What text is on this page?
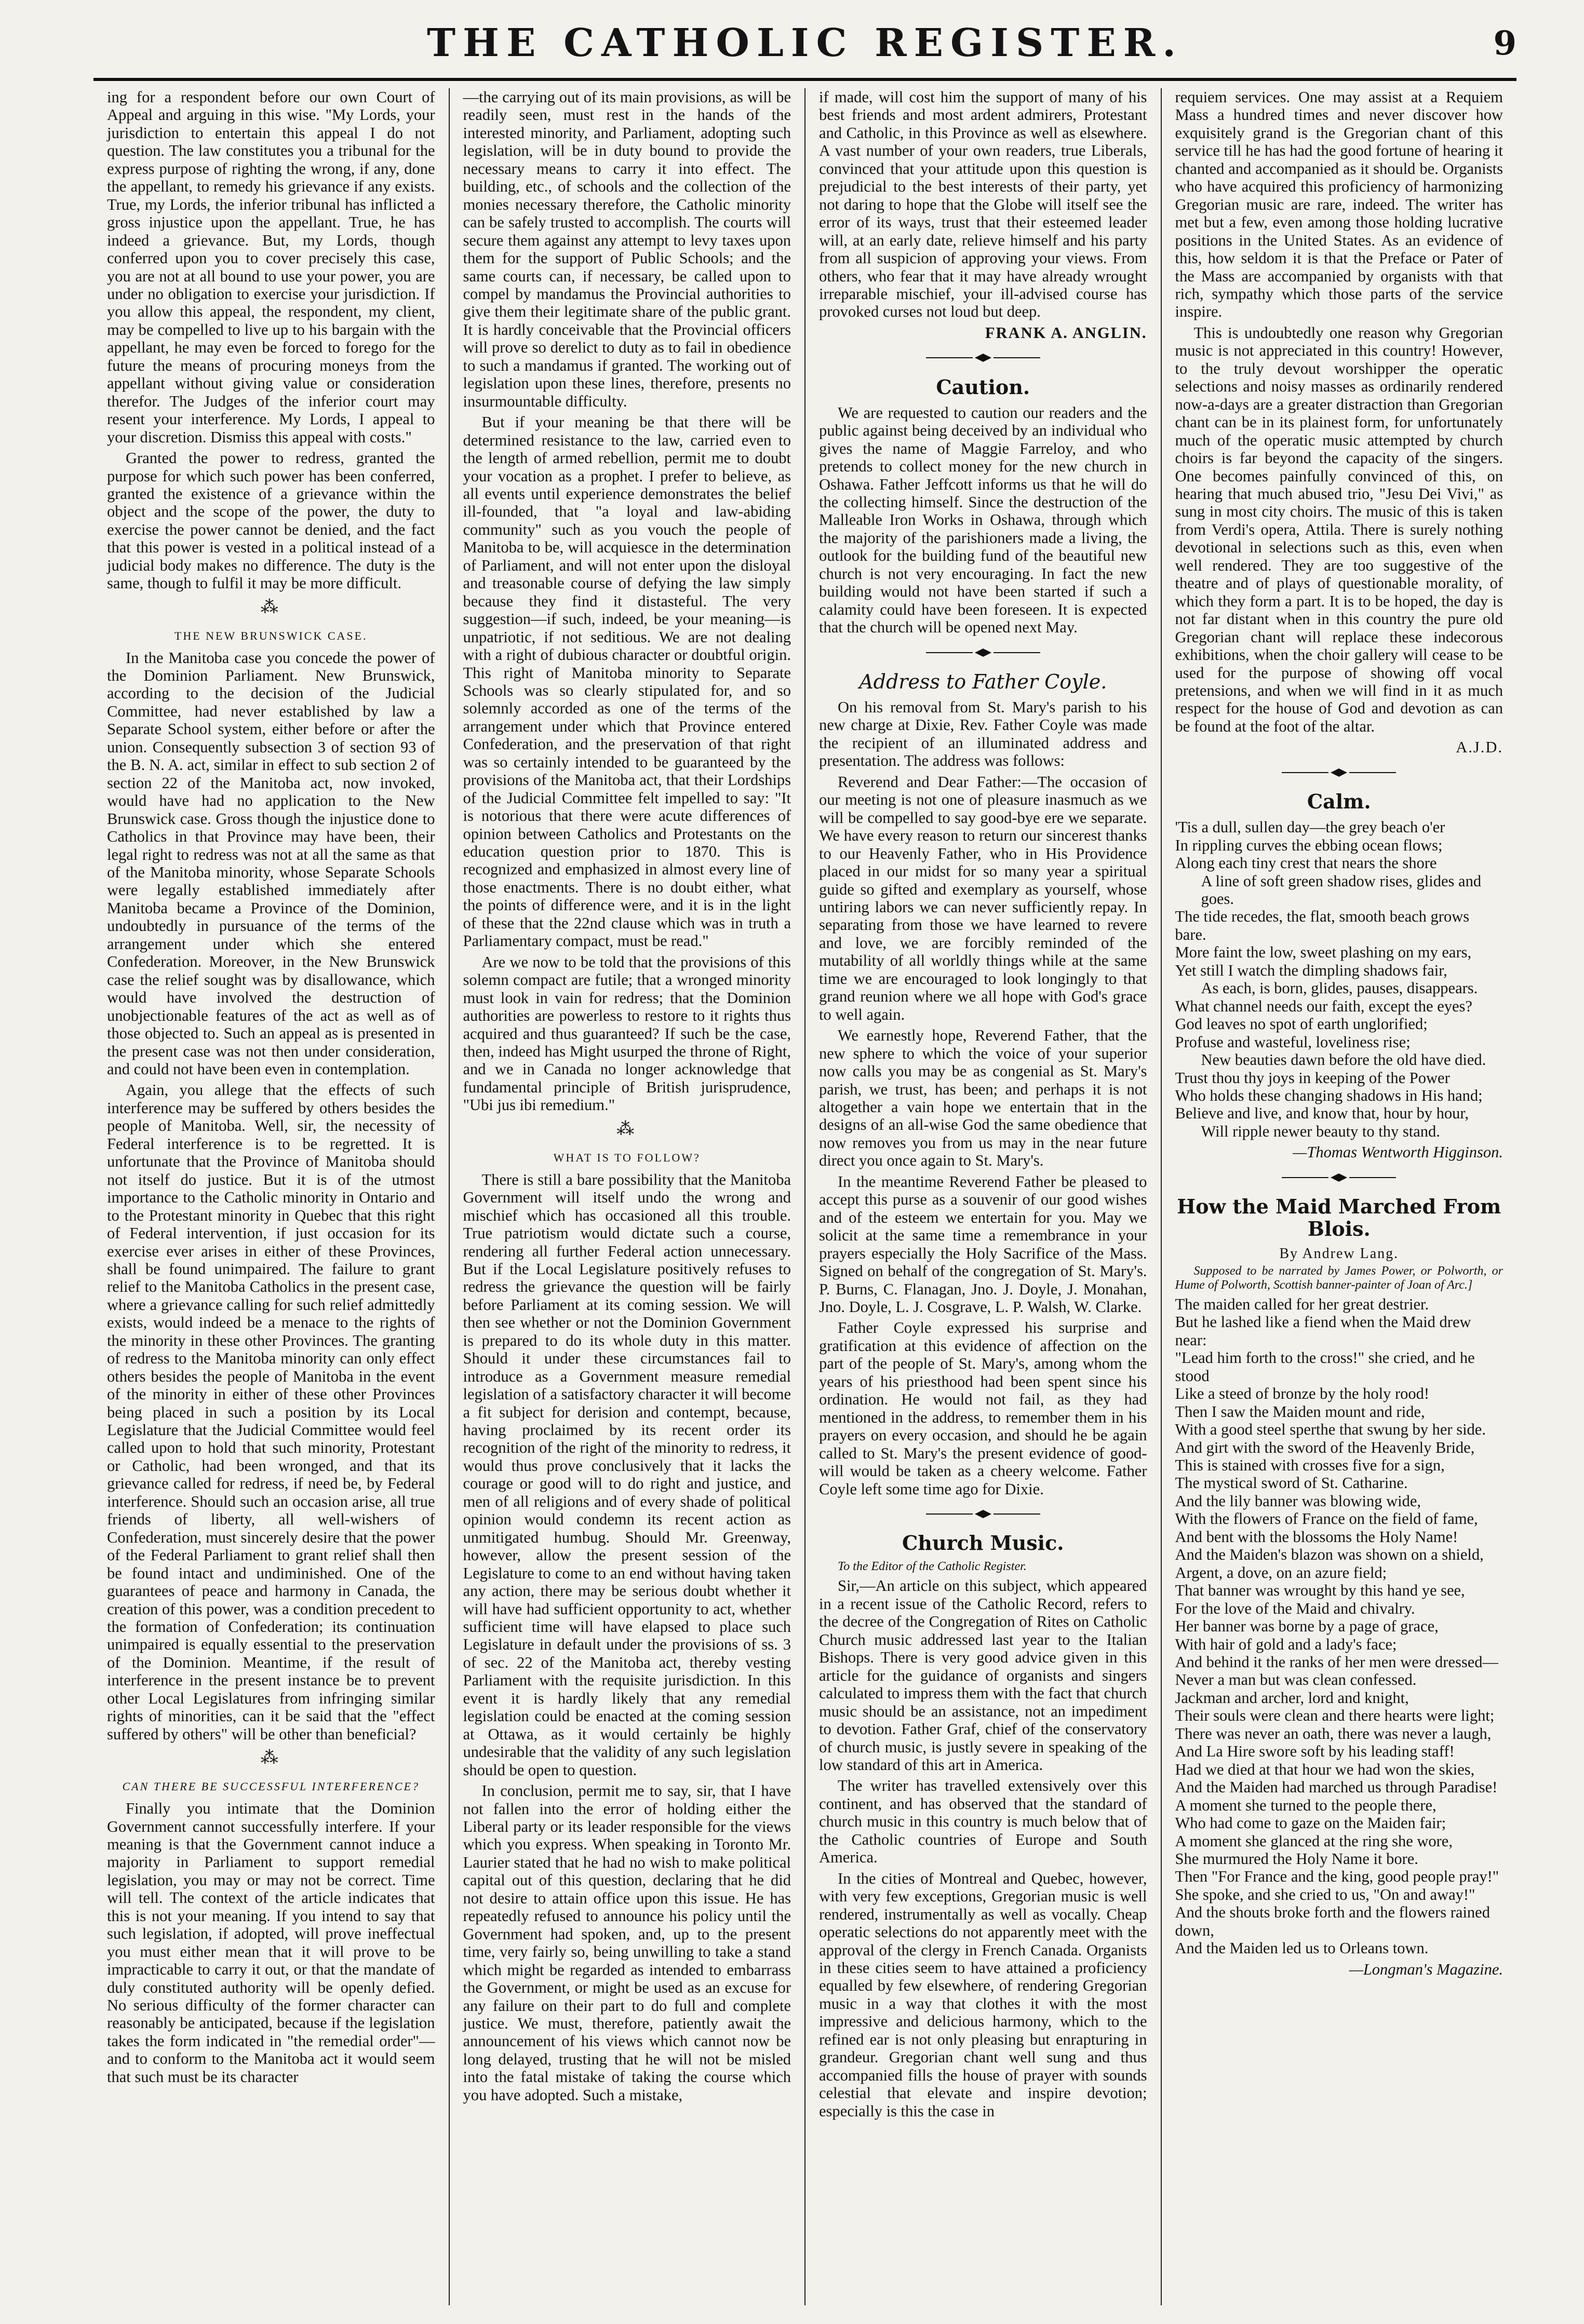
THE CATHOLIC REGISTER.	9

ing for a respondent before our own Court of Appeal and arguing in this wise. "My Lords, your jurisdiction to entertain this appeal I do not question. The law constitutes you a tribunal for the express purpose of righting the wrong, if any, done the appellant, to remedy his grievance if any exists. True, my Lords, the inferior tribunal has inflicted a gross injustice upon the appellant. True, he has indeed a grievance. But, my Lords, though conferred upon you to cover precisely this case, you are not at all bound to use your power, you are under no obligation to exercise your jurisdiction. If you allow this appeal, the respondent, my client, may be compelled to live up to his bargain with the appellant, he may even be forced to forego for the future the means of procuring moneys from the appellant without giving value or consideration therefor. The Judges of the inferior court may resent your interference. My Lords, I appeal to your discretion. Dismiss this appeal with costs."

Granted the power to redress, granted the purpose for which such power has been conferred, granted the existence of a grievance within the object and the scope of the power, the duty to exercise the power cannot be denied, and the fact that this power is vested in a political instead of a judicial body makes no difference. The duty is the same, though to fulfil it may be more difficult.

⁂
THE NEW BRUNSWICK CASE.

In the Manitoba case you concede the power of the Dominion Parliament. New Brunswick, according to the decision of the Judicial Committee, had never established by law a Separate School system, either before or after the union. Consequently subsection 3 of section 93 of the B. N. A. act, similar in effect to sub section 2 of section 22 of the Manitoba act, now invoked, would have had no application to the New Brunswick case. Gross though the injustice done to Catholics in that Province may have been, their legal right to redress was not at all the same as that of the Manitoba minority, whose Separate Schools were legally established immediately after Manitoba became a Province of the Dominion, undoubtedly in pursuance of the terms of the arrangement under which she entered Confederation. Moreover, in the New Brunswick case the relief sought was by disallowance, which would have involved the destruction of unobjectionable features of the act as well as of those objected to. Such an appeal as is presented in the present case was not then under consideration, and could not have been even in contemplation.

Again, you allege that the effects of such interference may be suffered by others besides the people of Manitoba. Well, sir, the necessity of Federal interference is to be regretted. It is unfortunate that the Province of Manitoba should not itself do justice. But it is of the utmost importance to the Catholic minority in Ontario and to the Protestant minority in Quebec that this right of Federal intervention, if just occasion for its exercise ever arises in either of these Provinces, shall be found unimpaired. The failure to grant relief to the Manitoba Catholics in the present case, where a grievance calling for such relief admittedly exists, would indeed be a menace to the rights of the minority in these other Provinces. The granting of redress to the Manitoba minority can only effect others besides the people of Manitoba in the event of the minority in either of these other Provinces being placed in such a position by its Local Legislature that the Judicial Committee would feel called upon to hold that such minority, Protestant or Catholic, had been wronged, and that its grievance called for redress, if need be, by Federal interference. Should such an occasion arise, all true friends of liberty, all well-wishers of Confederation, must sincerely desire that the power of the Federal Parliament to grant relief shall then be found intact and undiminished. One of the guarantees of peace and harmony in Canada, the creation of this power, was a condition precedent to the formation of Confederation; its continuation unimpaired is equally essential to the preservation of the Dominion. Meantime, if the result of interference in the present instance be to prevent other Local Legislatures from infringing similar rights of minorities, can it be said that the "effect suffered by others" will be other than beneficial?

⁂
CAN THERE BE SUCCESSFUL INTERFERENCE?

Finally you intimate that the Dominion Government cannot successfully interfere. If your meaning is that the Government cannot induce a majority in Parliament to support remedial legislation, you may or may not be correct. Time will tell. The context of the article indicates that this is not your meaning. If you intend to say that such legislation, if adopted, will prove ineffectual you must either mean that it will prove to be impracticable to carry it out, or that the mandate of duly constituted authority will be openly defied. No serious difficulty of the former character can reasonably be anticipated, because if the legislation takes the form indicated in "the remedial order"—and to conform to the Manitoba act it would seem that such must be its character

—the carrying out of its main provisions, as will be readily seen, must rest in the hands of the interested minority, and Parliament, adopting such legislation, will be in duty bound to provide the necessary means to carry it into effect. The building, etc., of schools and the collection of the monies necessary therefore, the Catholic minority can be safely trusted to accomplish. The courts will secure them against any attempt to levy taxes upon them for the support of Public Schools; and the same courts can, if necessary, be called upon to compel by mandamus the Provincial authorities to give them their legitimate share of the public grant. It is hardly conceivable that the Provincial officers will prove so derelict to duty as to fail in obedience to such a mandamus if granted. The working out of legislation upon these lines, therefore, presents no insurmountable difficulty.

But if your meaning be that there will be determined resistance to the law, carried even to the length of armed rebellion, permit me to doubt your vocation as a prophet. I prefer to believe, as all events until experience demonstrates the belief ill-founded, that "a loyal and law-abiding community" such as you vouch the people of Manitoba to be, will acquiesce in the determination of Parliament, and will not enter upon the disloyal and treasonable course of defying the law simply because they find it distasteful. The very suggestion—if such, indeed, be your meaning—is unpatriotic, if not seditious. We are not dealing with a right of dubious character or doubtful origin. This right of Manitoba minority to Separate Schools was so clearly stipulated for, and so solemnly accorded as one of the terms of the arrangement under which that Province entered Confederation, and the preservation of that right was so certainly intended to be guaranteed by the provisions of the Manitoba act, that their Lordships of the Judicial Committee felt impelled to say: "It is notorious that there were acute differences of opinion between Catholics and Protestants on the education question prior to 1870. This is recognized and emphasized in almost every line of those enactments. There is no doubt either, what the points of difference were, and it is in the light of these that the 22nd clause which was in truth a Parliamentary compact, must be read."

Are we now to be told that the provisions of this solemn compact are futile; that a wronged minority must look in vain for redress; that the Dominion authorities are powerless to restore to it rights thus acquired and thus guaranteed? If such be the case, then, indeed has Might usurped the throne of Right, and we in Canada no longer acknowledge that fundamental principle of British jurisprudence, "Ubi jus ibi remedium."

⁂
WHAT IS TO FOLLOW?

There is still a bare possibility that the Manitoba Government will itself undo the wrong and mischief which has occasioned all this trouble. True patriotism would dictate such a course, rendering all further Federal action unnecessary. But if the Local Legislature positively refuses to redress the grievance the question will be fairly before Parliament at its coming session. We will then see whether or not the Dominion Government is prepared to do its whole duty in this matter. Should it under these circumstances fail to introduce as a Government measure remedial legislation of a satisfactory character it will become a fit subject for derision and contempt, because, having proclaimed by its recent order its recognition of the right of the minority to redress, it would thus prove conclusively that it lacks the courage or good will to do right and justice, and men of all religions and of every shade of political opinion would condemn its recent action as unmitigated humbug. Should Mr. Greenway, however, allow the present session of the Legislature to come to an end without having taken any action, there may be serious doubt whether it will have had sufficient opportunity to act, whether sufficient time will have elapsed to place such Legislature in default under the provisions of ss. 3 of sec. 22 of the Manitoba act, thereby vesting Parliament with the requisite jurisdiction. In this event it is hardly likely that any remedial legislation could be enacted at the coming session at Ottawa, as it would certainly be highly undesirable that the validity of any such legislation should be open to question.

In conclusion, permit me to say, sir, that I have not fallen into the error of holding either the Liberal party or its leader responsible for the views which you express. When speaking in Toronto Mr. Laurier stated that he had no wish to make political capital out of this question, declaring that he did not desire to attain office upon this issue. He has repeatedly refused to announce his policy until the Government had spoken, and, up to the present time, very fairly so, being unwilling to take a stand which might be regarded as intended to embarrass the Government, or might be used as an excuse for any failure on their part to do full and complete justice. We must, therefore, patiently await the announcement of his views which cannot now be long delayed, trusting that he will not be misled into the fatal mistake of taking the course which you have adopted. Such a mistake,

if made, will cost him the support of many of his best friends and most ardent admirers, Protestant and Catholic, in this Province as well as elsewhere. A vast number of your own readers, true Liberals, convinced that your attitude upon this question is prejudicial to the best interests of their party, yet not daring to hope that the Globe will itself see the error of its ways, trust that their esteemed leader will, at an early date, relieve himself and his party from all suspicion of approving your views. From others, who fear that it may have already wrought irreparable mischief, your ill-advised course has provoked curses not loud but deep.

FRANK A. ANGLIN.

Caution.

We are requested to caution our readers and the public against being deceived by an individual who gives the name of Maggie Farreloy, and who pretends to collect money for the new church in Oshawa. Father Jeffcott informs us that he will do the collecting himself. Since the destruction of the Malleable Iron Works in Oshawa, through which the majority of the parishioners made a living, the outlook for the building fund of the beautiful new church is not very encouraging. In fact the new building would not have been started if such a calamity could have been foreseen. It is expected that the church will be opened next May.

Address to Father Coyle.

On his removal from St. Mary's parish to his new charge at Dixie, Rev. Father Coyle was made the recipient of an illuminated address and presentation. The address was follows:

Reverend and Dear Father:—The occasion of our meeting is not one of pleasure inasmuch as we will be compelled to say good-bye ere we separate. We have every reason to return our sincerest thanks to our Heavenly Father, who in His Providence placed in our midst for so many year a spiritual guide so gifted and exemplary as yourself, whose untiring labors we can never sufficiently repay. In separating from those we have learned to revere and love, we are forcibly reminded of the mutability of all worldly things while at the same time we are encouraged to look longingly to that grand reunion where we all hope with God's grace to well again.

We earnestly hope, Reverend Father, that the new sphere to which the voice of your superior now calls you may be as congenial as St. Mary's parish, we trust, has been; and perhaps it is not altogether a vain hope we entertain that in the designs of an all-wise God the same obedience that now removes you from us may in the near future direct you once again to St. Mary's.

In the meantime Reverend Father be pleased to accept this purse as a souvenir of our good wishes and of the esteem we entertain for you. May we solicit at the same time a remembrance in your prayers especially the Holy Sacrifice of the Mass. Signed on behalf of the congregation of St. Mary's. P. Burns, C. Flanagan, Jno. J. Doyle, J. Monahan, Jno. Doyle, L. J. Cosgrave, L. P. Walsh, W. Clarke.

Father Coyle expressed his surprise and gratification at this evidence of affection on the part of the people of St. Mary's, among whom the years of his priesthood had been spent since his ordination. He would not fail, as they had mentioned in the address, to remember them in his prayers on every occasion, and should he be again called to St. Mary's the present evidence of good-will would be taken as a cheery welcome. Father Coyle left some time ago for Dixie.

Church Music.

To the Editor of the Catholic Register.

Sir,—An article on this subject, which appeared in a recent issue of the Catholic Record, refers to the decree of the Congregation of Rites on Catholic Church music addressed last year to the Italian Bishops. There is very good advice given in this article for the guidance of organists and singers calculated to impress them with the fact that church music should be an assistance, not an impediment to devotion. Father Graf, chief of the conservatory of church music, is justly severe in speaking of the low standard of this art in America.

The writer has travelled extensively over this continent, and has observed that the standard of church music in this country is much below that of the Catholic countries of Europe and South America.

In the cities of Montreal and Quebec, however, with very few exceptions, Gregorian music is well rendered, instrumentally as well as vocally. Cheap operatic selections do not apparently meet with the approval of the clergy in French Canada. Organists in these cities seem to have attained a proficiency equalled by few elsewhere, of rendering Gregorian music in a way that clothes it with the most impressive and delicious harmony, which to the refined ear is not only pleasing but enrapturing in grandeur. Gregorian chant well sung and thus accompanied fills the house of prayer with sounds celestial that elevate and inspire devotion; especially is this the case in

requiem services. One may assist at a Requiem Mass a hundred times and never discover how exquisitely grand is the Gregorian chant of this service till he has had the good fortune of hearing it chanted and accompanied as it should be. Organists who have acquired this proficiency of harmonizing Gregorian music are rare, indeed. The writer has met but a few, even among those holding lucrative positions in the United States. As an evidence of this, how seldom it is that the Preface or Pater of the Mass are accompanied by organists with that rich, sympathy which those parts of the service inspire.

This is undoubtedly one reason why Gregorian music is not appreciated in this country! However, to the truly devout worshipper the operatic selections and noisy masses as ordinarily rendered now-a-days are a greater distraction than Gregorian chant can be in its plainest form, for unfortunately much of the operatic music attempted by church choirs is far beyond the capacity of the singers. One becomes painfully convinced of this, on hearing that much abused trio, "Jesu Dei Vivi," as sung in most city choirs. The music of this is taken from Verdi's opera, Attila. There is surely nothing devotional in selections such as this, even when well rendered. They are too suggestive of the theatre and of plays of questionable morality, of which they form a part. It is to be hoped, the day is not far distant when in this country the pure old Gregorian chant will replace these indecorous exhibitions, when the choir gallery will cease to be used for the purpose of showing off vocal pretensions, and when we will find in it as much respect for the house of God and devotion as can be found at the foot of the altar.

A.J.D.

Calm.
'Tis a dull, sullen day—the grey beach o'er
In rippling curves the ebbing ocean flows;
Along each tiny crest that nears the shore
A line of soft green shadow rises, glides and goes.
The tide recedes, the flat, smooth beach grows bare.
More faint the low, sweet plashing on my ears,
Yet still I watch the dimpling shadows fair,
As each, is born, glides, pauses, disappears.
What channel needs our faith, except the eyes?
God leaves no spot of earth unglorified;
Profuse and wasteful, loveliness rise;
New beauties dawn before the old have died.
Trust thou thy joys in keeping of the Power
Who holds these changing shadows in His hand;
Believe and live, and know that, hour by hour,
Will ripple newer beauty to thy stand.
—Thomas Wentworth Higginson.
How the Maid Marched From Blois.
By Andrew Lang.

Supposed to be narrated by James Power, or Polworth, or Hume of Polworth, Scottish banner-painter of Joan of Arc.]

The maiden called for her great destrier.
But he lashed like a fiend when the Maid drew near:
"Lead him forth to the cross!" she cried, and he stood
Like a steed of bronze by the holy rood!
Then I saw the Maiden mount and ride,
With a good steel sperthe that swung by her side.
And girt with the sword of the Heavenly Bride,
This is stained with crosses five for a sign,
The mystical sword of St. Catharine.
And the lily banner was blowing wide,
With the flowers of France on the field of fame,
And bent with the blossoms the Holy Name!
And the Maiden's blazon was shown on a shield,
Argent, a dove, on an azure field;
That banner was wrought by this hand ye see,
For the love of the Maid and chivalry.
Her banner was borne by a page of grace,
With hair of gold and a lady's face;
And behind it the ranks of her men were dressed—
Never a man but was clean confessed.
Jackman and archer, lord and knight,
Their souls were clean and there hearts were light;
There was never an oath, there was never a laugh,
And La Hire swore soft by his leading staff!
Had we died at that hour we had won the skies,
And the Maiden had marched us through Paradise!
A moment she turned to the people there,
Who had come to gaze on the Maiden fair;
A moment she glanced at the ring she wore,
She murmured the Holy Name it bore.
Then "For France and the king, good people pray!"
She spoke, and she cried to us, "On and away!"
And the shouts broke forth and the flowers rained down,
And the Maiden led us to Orleans town.
—Longman's Magazine.
